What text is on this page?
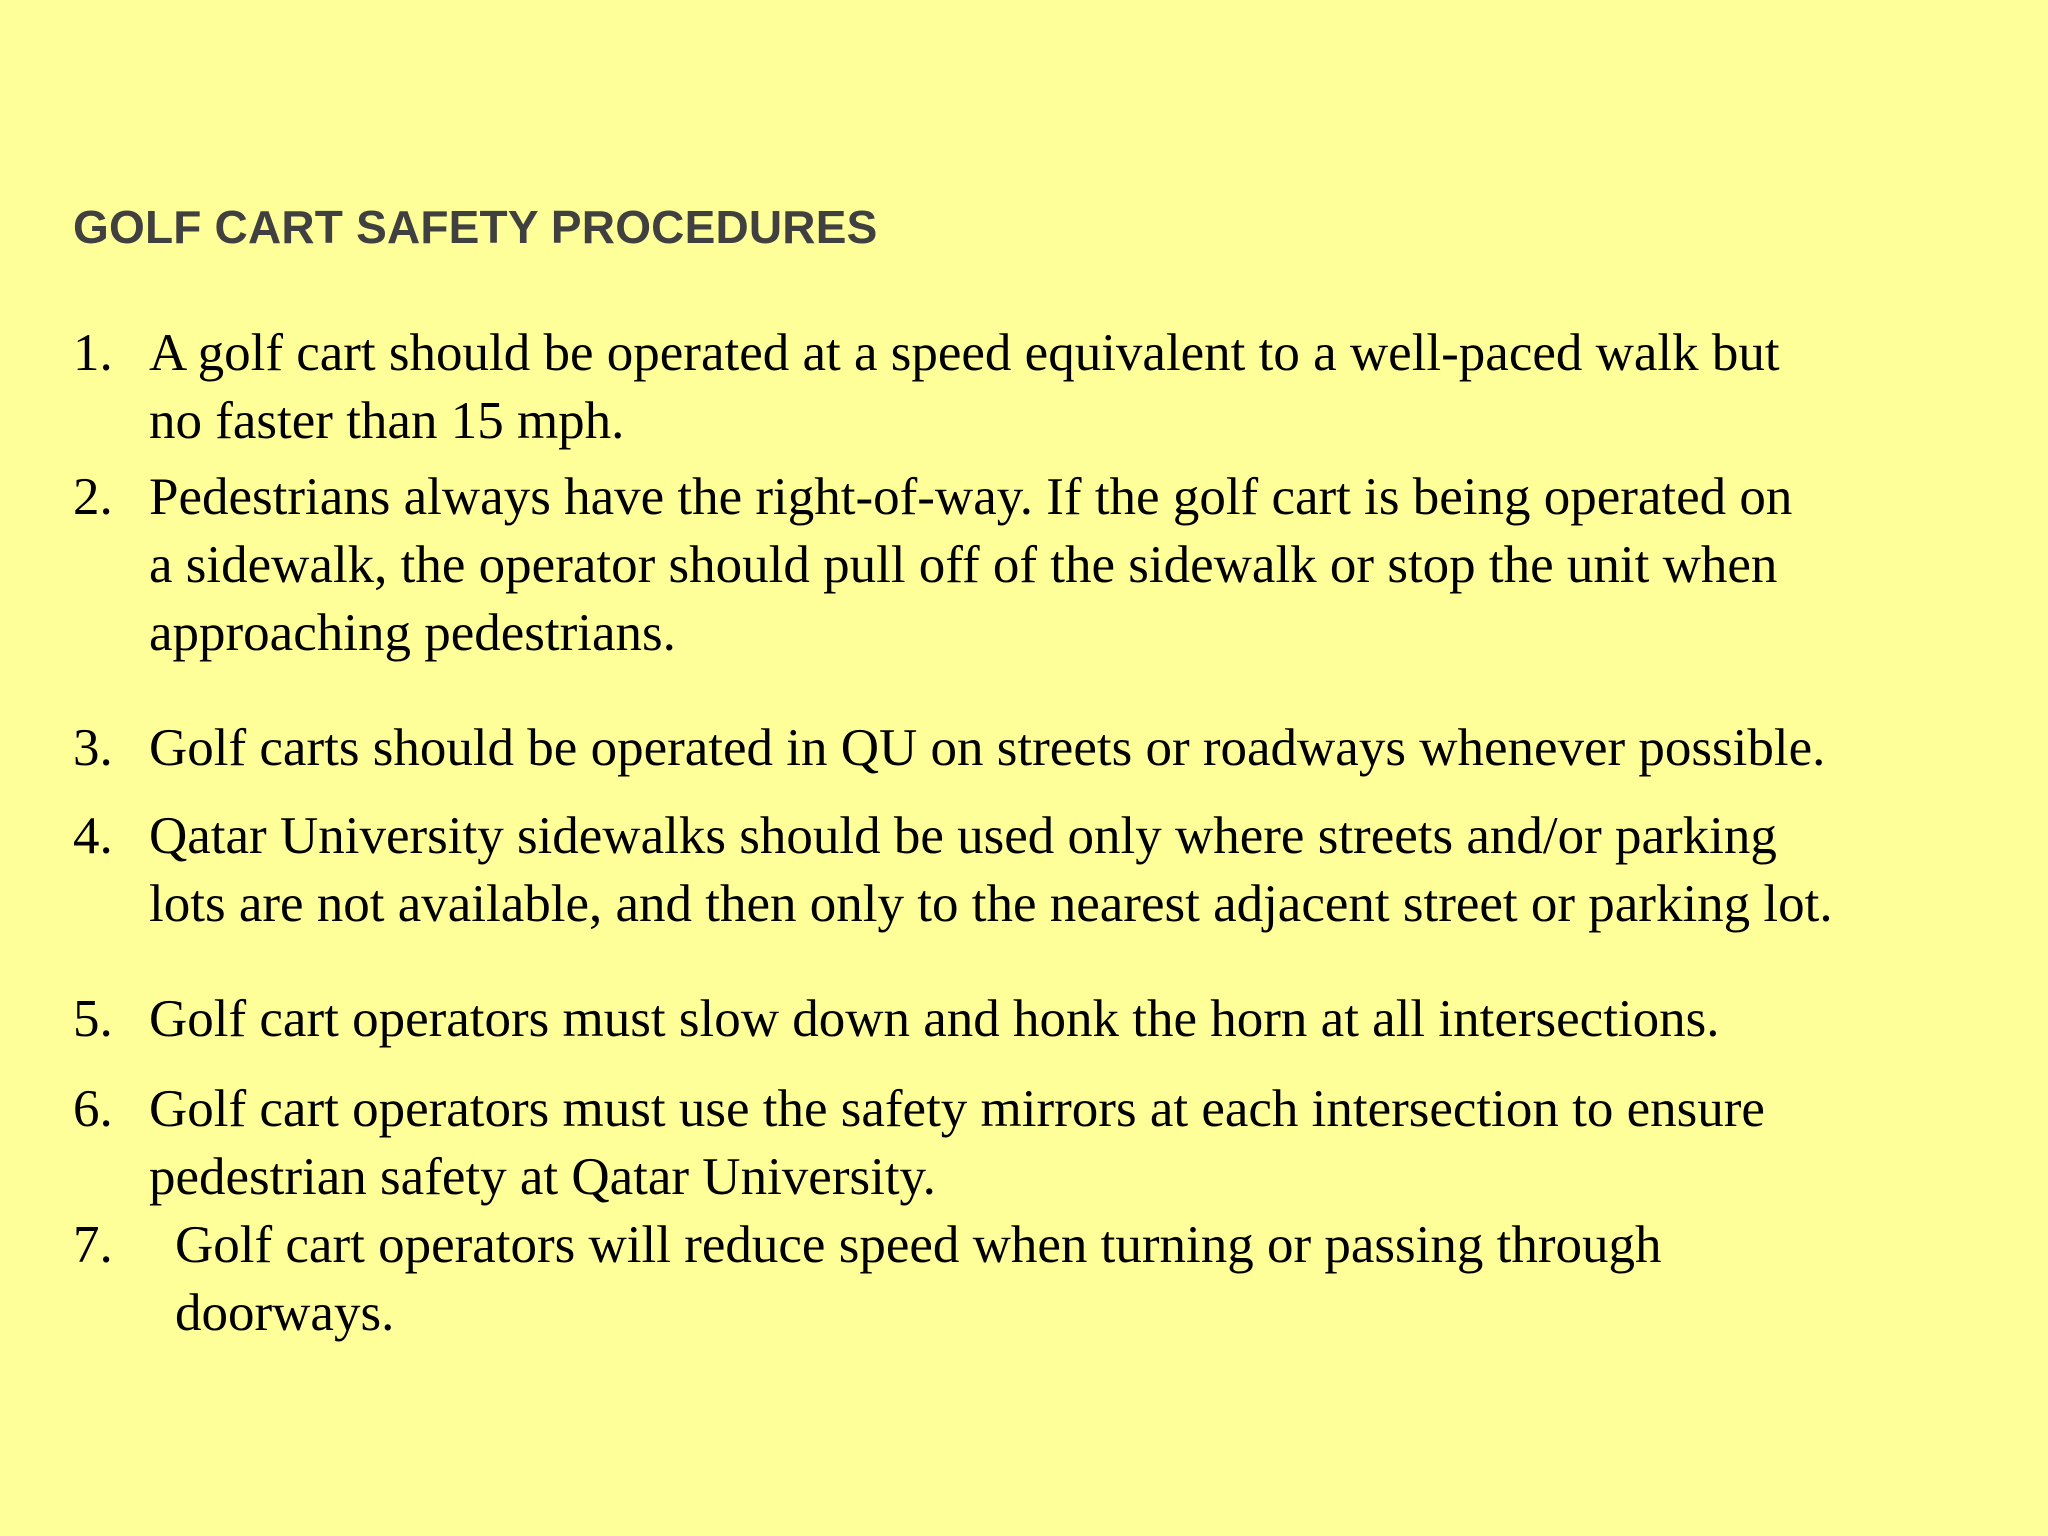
GOLF CART SAFETY PROCEDURES
1. A golf cart should be operated at a speed equivalent to a well-paced walk but
no faster than 15 mph.
2. Pedestrians always have the right-of-way. If the golf cart is being operated on
a sidewalk, the operator should pull off of the sidewalk or stop the unit when
approaching pedestrians.
3. Golf carts should be operated in QU on streets or roadways whenever possible.
4. Qatar University sidewalks should be used only where streets and/or parking
lots are not available, and then only to the nearest adjacent street or parking lot.
5. Golf cart operators must slow down and honk the horn at all intersections.
6. Golf cart operators must use the safety mirrors at each intersection to ensure
pedestrian safety at Qatar University.
7. Golf cart operators will reduce speed when turning or passing through
doorways.
